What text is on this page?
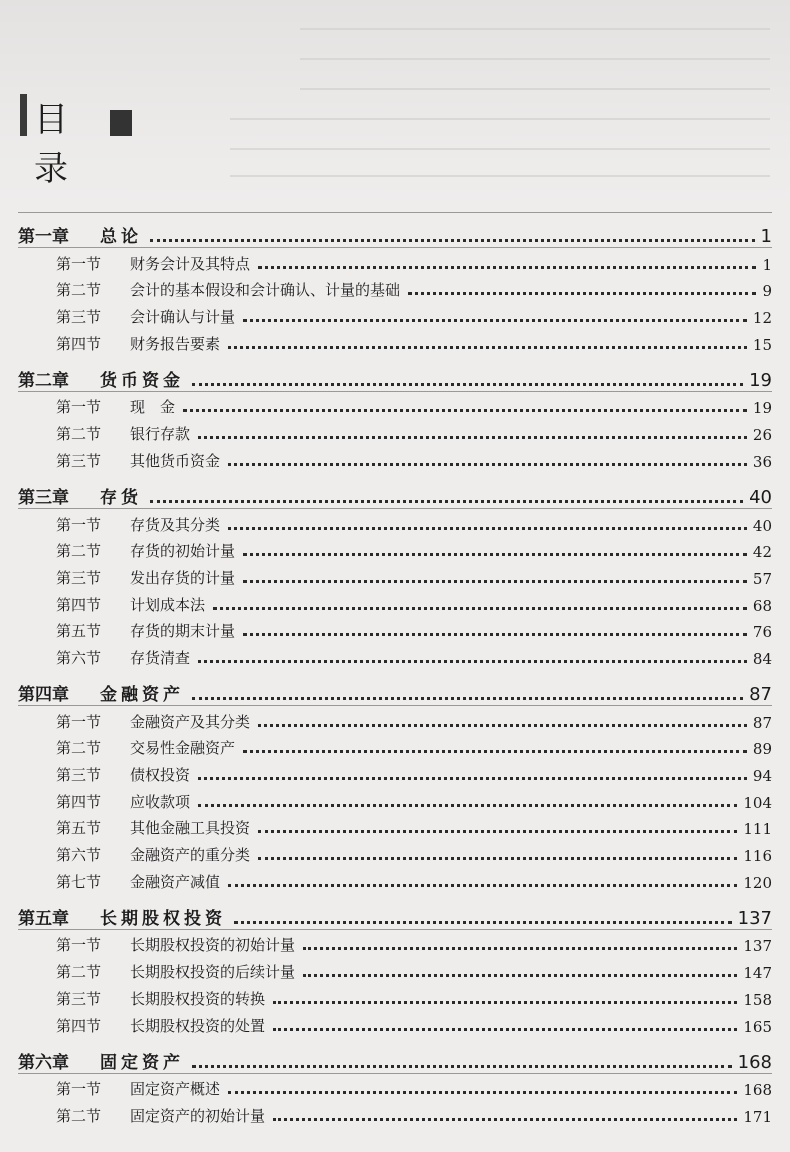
目录
第一章	总论	1
第一节	财务会计及其特点	1
第二节	会计的基本假设和会计确认、计量的基础	9
第三节	会计确认与计量	12
第四节	财务报告要素	15
第二章	货币资金	19
第一节	现　金	19
第二节	银行存款	26
第三节	其他货币资金	36
第三章	存货	40
第一节	存货及其分类	40
第二节	存货的初始计量	42
第三节	发出存货的计量	57
第四节	计划成本法	68
第五节	存货的期末计量	76
第六节	存货清查	84
第四章	金融资产	87
第一节	金融资产及其分类	87
第二节	交易性金融资产	89
第三节	债权投资	94
第四节	应收款项	104
第五节	其他金融工具投资	111
第六节	金融资产的重分类	116
第七节	金融资产减值	120
第五章	长期股权投资	137
第一节	长期股权投资的初始计量	137
第二节	长期股权投资的后续计量	147
第三节	长期股权投资的转换	158
第四节	长期股权投资的处置	165
第六章	固定资产	168
第一节	固定资产概述	168
第二节	固定资产的初始计量	171
